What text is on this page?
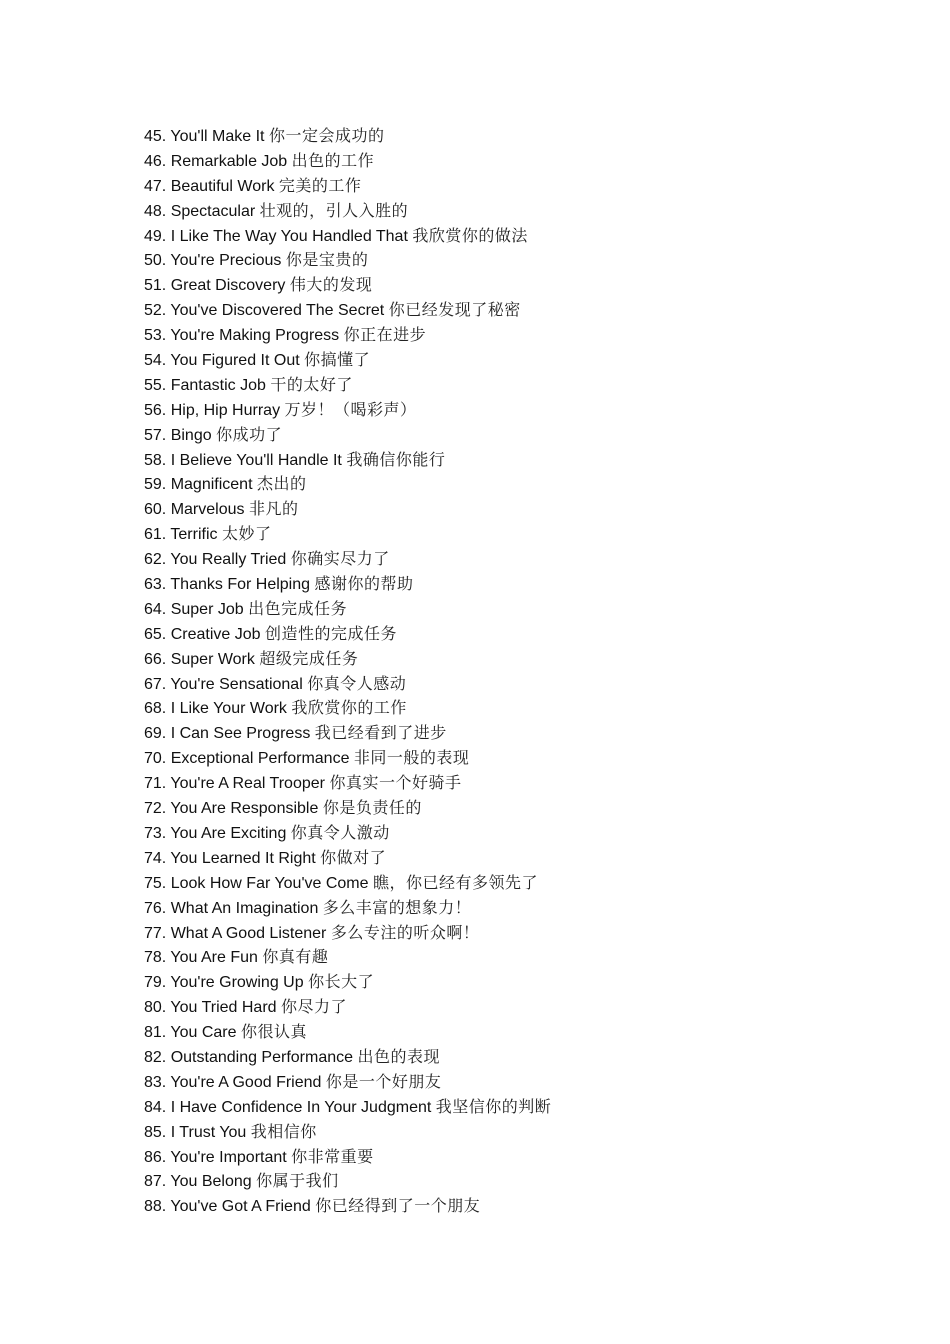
45. You'll Make It 你一定会成功的
46. Remarkable Job 出色的工作
47. Beautiful Work 完美的工作
48. Spectacular 壮观的，引人入胜的
49. I Like The Way You Handled That 我欣赏你的做法
50. You're Precious 你是宝贵的
51. Great Discovery 伟大的发现
52. You've Discovered The Secret 你已经发现了秘密
53. You're Making Progress 你正在进步
54. You Figured It Out 你搞懂了
55. Fantastic Job 干的太好了
56. Hip, Hip Hurray 万岁！（喝彩声）
57. Bingo 你成功了
58. I Believe You'll Handle It 我确信你能行
59. Magnificent 杰出的
60. Marvelous 非凡的
61. Terrific 太妙了
62. You Really Tried 你确实尽力了
63. Thanks For Helping 感谢你的帮助
64. Super Job 出色完成任务
65. Creative Job 创造性的完成任务
66. Super Work 超级完成任务
67. You're Sensational 你真令人感动
68. I Like Your Work 我欣赏你的工作
69. I Can See Progress 我已经看到了进步
70. Exceptional Performance 非同一般的表现
71. You're A Real Trooper 你真实一个好骑手
72. You Are Responsible 你是负责任的
73. You Are Exciting 你真令人激动
74. You Learned It Right 你做对了
75. Look How Far You've Come 瞧，你已经有多领先了
76. What An Imagination 多么丰富的想象力！
77. What A Good Listener 多么专注的听众啊！
78. You Are Fun 你真有趣
79. You're Growing Up 你长大了
80. You Tried Hard 你尽力了
81. You Care 你很认真
82. Outstanding Performance 出色的表现
83. You're A Good Friend 你是一个好朋友
84. I Have Confidence In Your Judgment 我坚信你的判断
85. I Trust You 我相信你
86. You're Important 你非常重要
87. You Belong 你属于我们
88. You've Got A Friend 你已经得到了一个朋友
